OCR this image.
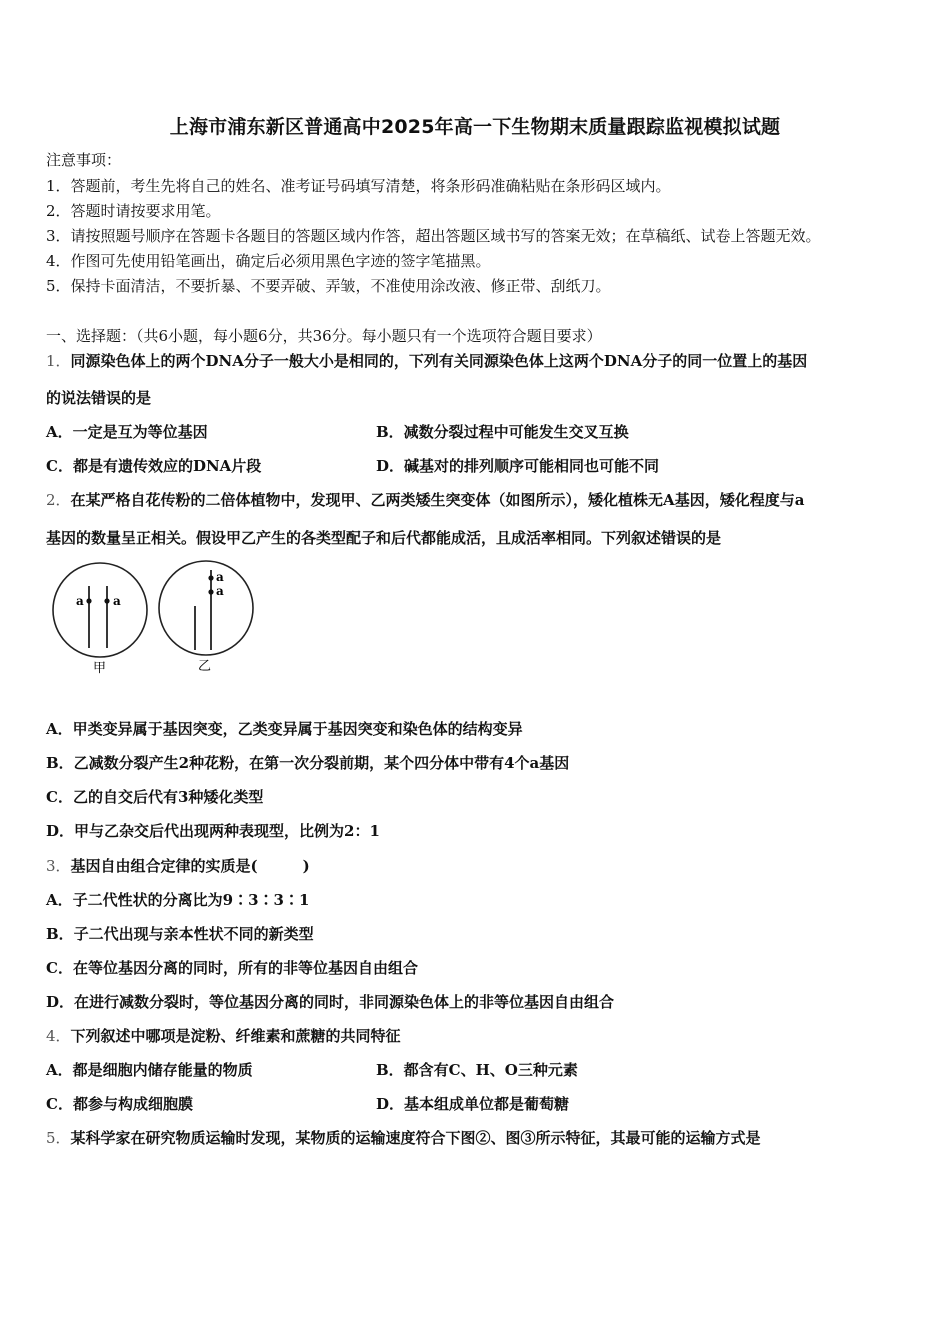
上海市浦东新区普通高中2025年高一下生物期末质量跟踪监视模拟试题
注意事项：
1．答题前，考生先将自己的姓名、准考证号码填写清楚，将条形码准确粘贴在条形码区域内。
2．答题时请按要求用笔。
3．请按照题号顺序在答题卡各题目的答题区域内作答，超出答题区域书写的答案无效；在草稿纸、试卷上答题无效。
4．作图可先使用铅笔画出，确定后必须用黑色字迹的签字笔描黑。
5．保持卡面清洁，不要折暴、不要弄破、弄皱，不准使用涂改液、修正带、刮纸刀。
一、选择题：（共6小题，每小题6分，共36分。每小题只有一个选项符合题目要求）
1．同源染色体上的两个DNA分子一般大小是相同的，下列有关同源染色体上这两个DNA分子的同一位置上的基因
的说法错误的是
A．一定是互为等位基因	B．减数分裂过程中可能发生交叉互换
C．都是有遗传效应的DNA片段	D．碱基对的排列顺序可能相同也可能不同
2．在某严格自花传粉的二倍体植物中，发现甲、乙两类矮生突变体（如图所示），矮化植株无A基因，矮化程度与a
基因的数量呈正相关。假设甲乙产生的各类型配子和后代都能成活，且成活率相同。下列叙述错误的是
a a
甲
a
a
乙
A．甲类变异属于基因突变，乙类变异属于基因突变和染色体的结构变异
B．乙减数分裂产生2种花粉，在第一次分裂前期，某个四分体中带有4个a基因
C．乙的自交后代有3种矮化类型
D．甲与乙杂交后代出现两种表现型，比例为2：1
3．基因自由组合定律的实质是(　　　)
A．子二代性状的分离比为9∶3∶3∶1
B．子二代出现与亲本性状不同的新类型
C．在等位基因分离的同时，所有的非等位基因自由组合
D．在进行减数分裂时，等位基因分离的同时，非同源染色体上的非等位基因自由组合
4．下列叙述中哪项是淀粉、纤维素和蔗糖的共同特征
A．都是细胞内储存能量的物质	B．都含有C、H、O三种元素
C．都参与构成细胞膜	D．基本组成单位都是葡萄糖
5．某科学家在研究物质运输时发现，某物质的运输速度符合下图②、图③所示特征，其最可能的运输方式是
